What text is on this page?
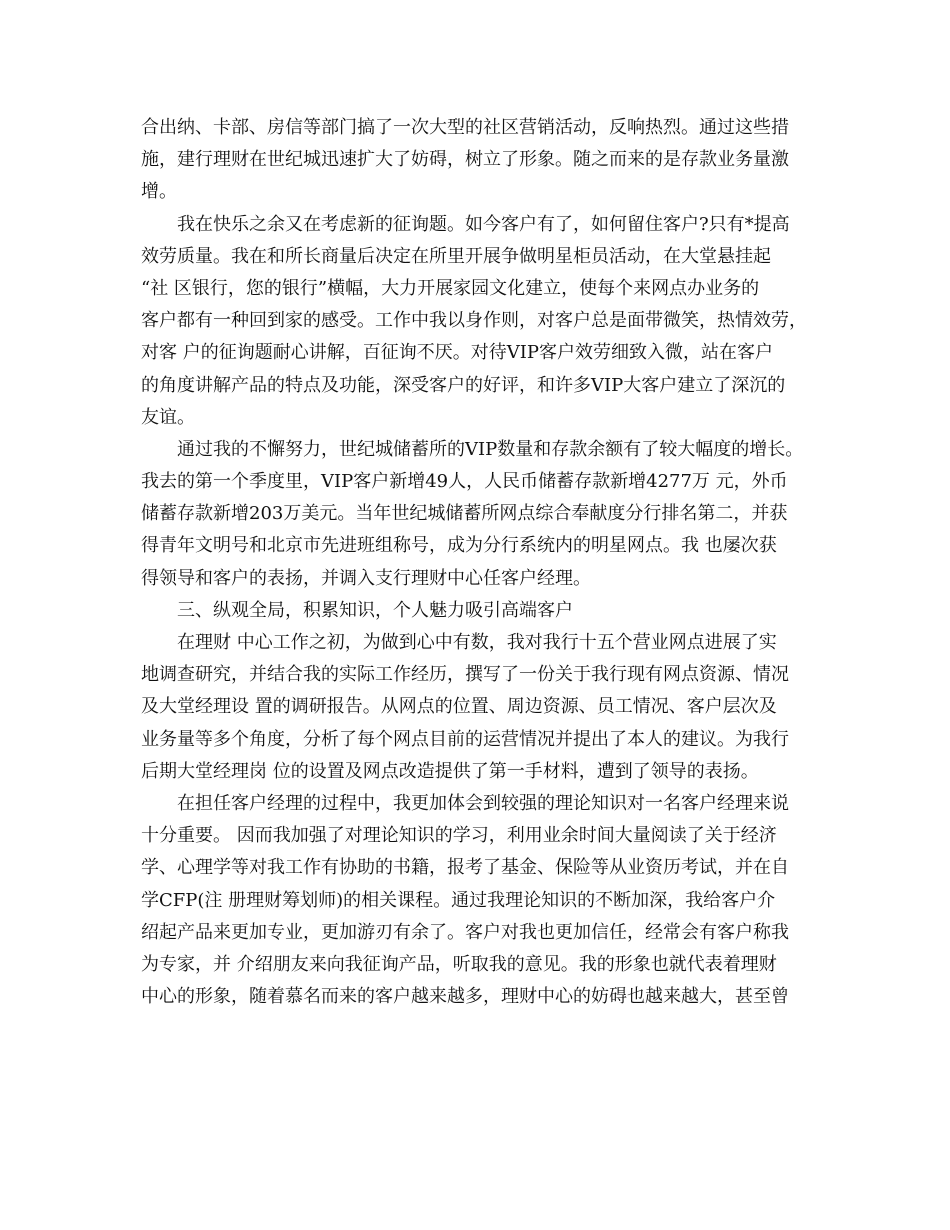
合出纳、卡部、房信等部门搞了一次大型的社区营销活动，反响热烈。通过这些措
施，建行理财在世纪城迅速扩大了妨碍，树立了形象。随之而来的是存款业务量激
增。
我在快乐之余又在考虑新的征询题。如今客户有了，如何留住客户?只有*提高
效劳质量。我在和所长商量后决定在所里开展争做明星柜员活动，在大堂悬挂起
“社 区银行，您的银行”横幅，大力开展家园文化建立，使每个来网点办业务的
客户都有一种回到家的感受。工作中我以身作则，对客户总是面带微笑，热情效劳，
对客 户的征询题耐心讲解，百征询不厌。对待VIP客户效劳细致入微，站在客户
的角度讲解产品的特点及功能，深受客户的好评，和许多VIP大客户建立了深沉的
友谊。
通过我的不懈努力，世纪城储蓄所的VIP数量和存款余额有了较大幅度的增长。
我去的第一个季度里，VIP客户新增49人，人民币储蓄存款新增4277万 元，外币
储蓄存款新增203万美元。当年世纪城储蓄所网点综合奉献度分行排名第二，并获
得青年文明号和北京市先进班组称号，成为分行系统内的明星网点。我 也屡次获
得领导和客户的表扬，并调入支行理财中心任客户经理。
三、纵观全局，积累知识，个人魅力吸引高端客户
在理财 中心工作之初，为做到心中有数，我对我行十五个营业网点进展了实
地调查研究，并结合我的实际工作经历，撰写了一份关于我行现有网点资源、情况
及大堂经理设 置的调研报告。从网点的位置、周边资源、员工情况、客户层次及
业务量等多个角度，分析了每个网点目前的运营情况并提出了本人的建议。为我行
后期大堂经理岗 位的设置及网点改造提供了第一手材料，遭到了领导的表扬。
在担任客户经理的过程中，我更加体会到较强的理论知识对一名客户经理来说
十分重要。 因而我加强了对理论知识的学习，利用业余时间大量阅读了关于经济
学、心理学等对我工作有协助的书籍，报考了基金、保险等从业资历考试，并在自
学CFP(注 册理财筹划师)的相关课程。通过我理论知识的不断加深，我给客户介
绍起产品来更加专业，更加游刃有余了。客户对我也更加信任，经常会有客户称我
为专家，并 介绍朋友来向我征询产品，听取我的意见。我的形象也就代表着理财
中心的形象，随着慕名而来的客户越来越多，理财中心的妨碍也越来越大，甚至曾
